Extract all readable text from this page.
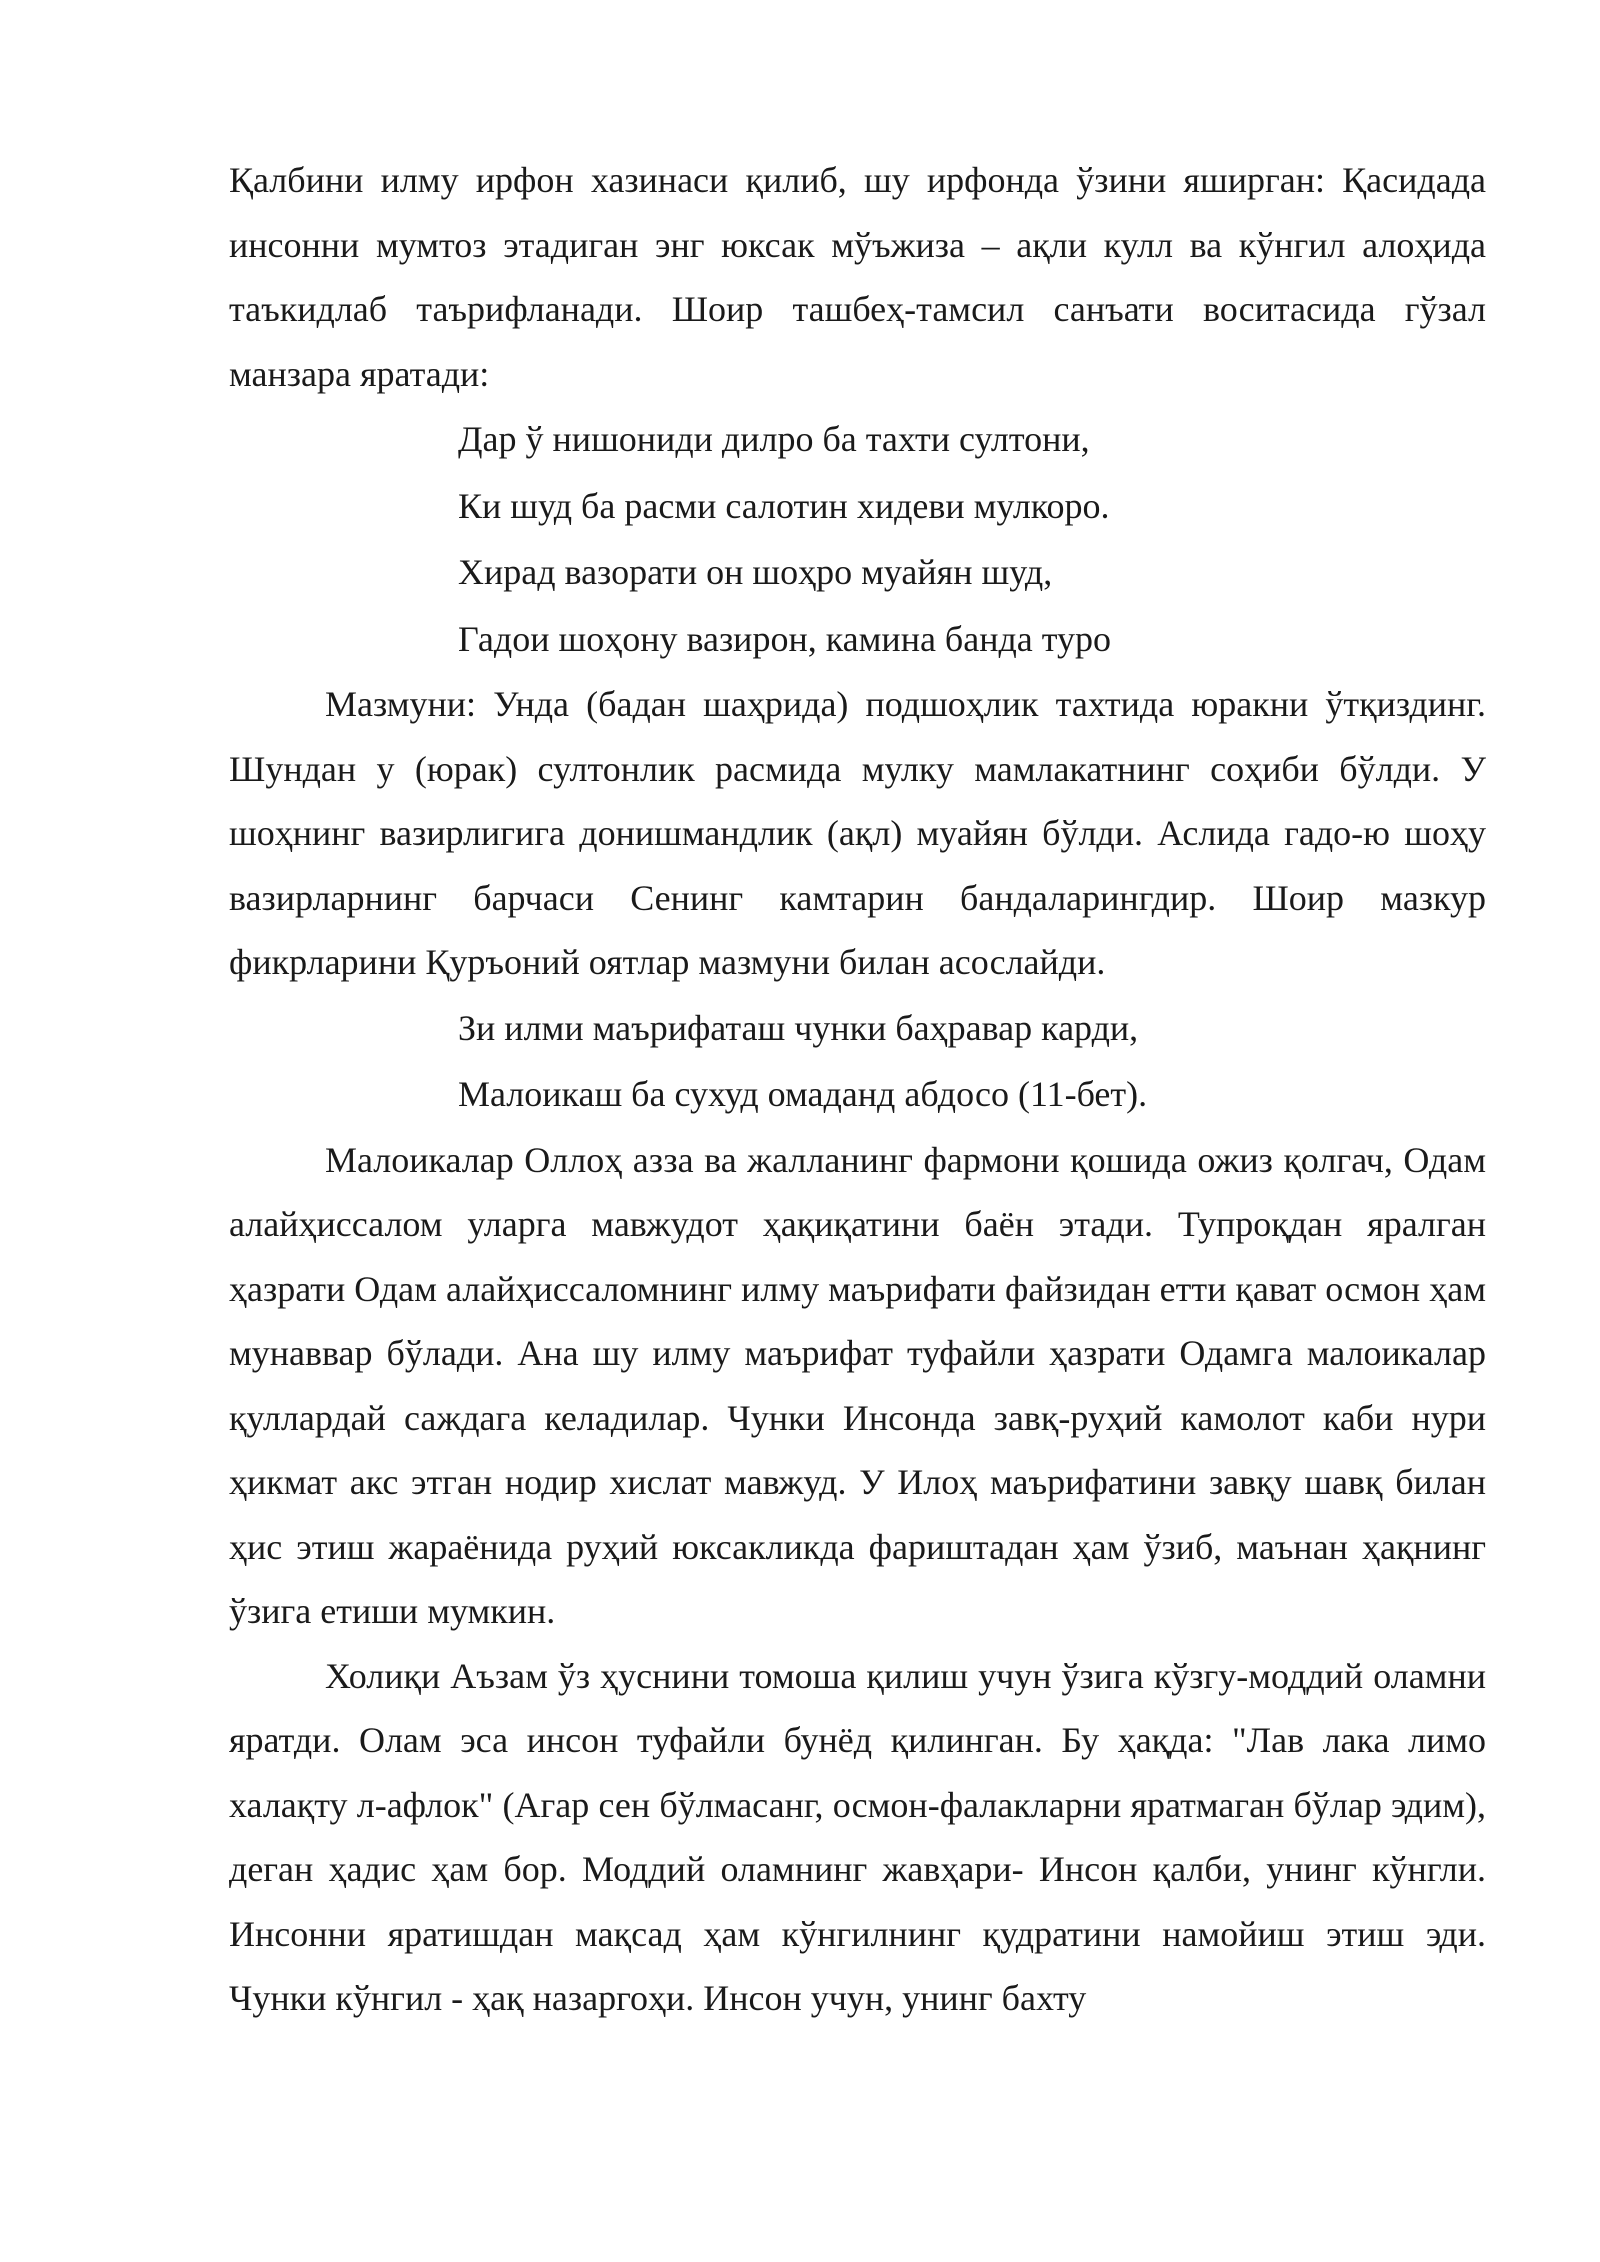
Қалбини илму ирфон хазинаси қилиб, шу ирфонда ўзини яширган: Қасидада инсонни мумтоз этадиган энг юксак мўъжиза – ақли кулл ва кўнгил алоҳида таъкидлаб таърифланади. Шоир ташбеҳ-тамсил санъати воситасида гўзал манзара яратади:

Дар ў нишониди дилро ба тахти султони,

Ки шуд ба расми салотин хидеви мулкоро.

Хирад вазорати он шоҳро муайян шуд,

Гадои шоҳону вазирон, камина банда туро

Мазмуни: Унда (бадан шаҳрида) подшоҳлик тахтида юракни ўтқиздинг. Шундан у (юрак) султонлик расмида мулку мамлакатнинг соҳиби бўлди. У шоҳнинг вазирлигига донишмандлик (ақл) муайян бўлди. Аслида гадо-ю шоҳу вазирларнинг барчаси Сенинг камтарин бандаларингдир. Шоир мазкур фикрларини Қуръоний оятлар мазмуни билан асослайди.

Зи илми маърифаташ чунки баҳравар карди,

Малоикаш ба сухуд омаданд абдосо (11-бет).

Малоикалар Оллоҳ азза ва жалланинг фармони қошида ожиз қолгач, Одам алайҳиссалом уларга мавжудот ҳақиқатини баён этади. Тупроқдан яралган ҳазрати Одам алайҳиссаломнинг илму маърифати файзидан етти қават осмон ҳам мунаввар бўлади. Ана шу илму маърифат туфайли ҳазрати Одамга малоикалар қуллардай саждага келадилар. Чунки Инсонда завқ-руҳий камолот каби нури ҳикмат акс этган нодир хислат мавжуд. У Илоҳ маърифатини завқу шавқ билан ҳис этиш жараёнида руҳий юксакликда фариштадан ҳам ўзиб, маънан ҳақнинг ўзига етиши мумкин.

Холиқи Аъзам ўз ҳуснини томоша қилиш учун ўзига кўзгу-моддий оламни яратди. Олам эса инсон туфайли бунёд қилинган. Бу ҳақда: "Лав лака лимо халақту л-афлок" (Агар сен бўлмасанг, осмон-фалакларни яратмаган бўлар эдим), деган ҳадис ҳам бор. Моддий оламнинг жавҳари- Инсон қалби, унинг кўнгли. Инсонни яратишдан мақсад ҳам кўнгилнинг қудратини намойиш этиш эди. Чунки кўнгил - ҳақ назаргоҳи. Инсон учун, унинг бахту
